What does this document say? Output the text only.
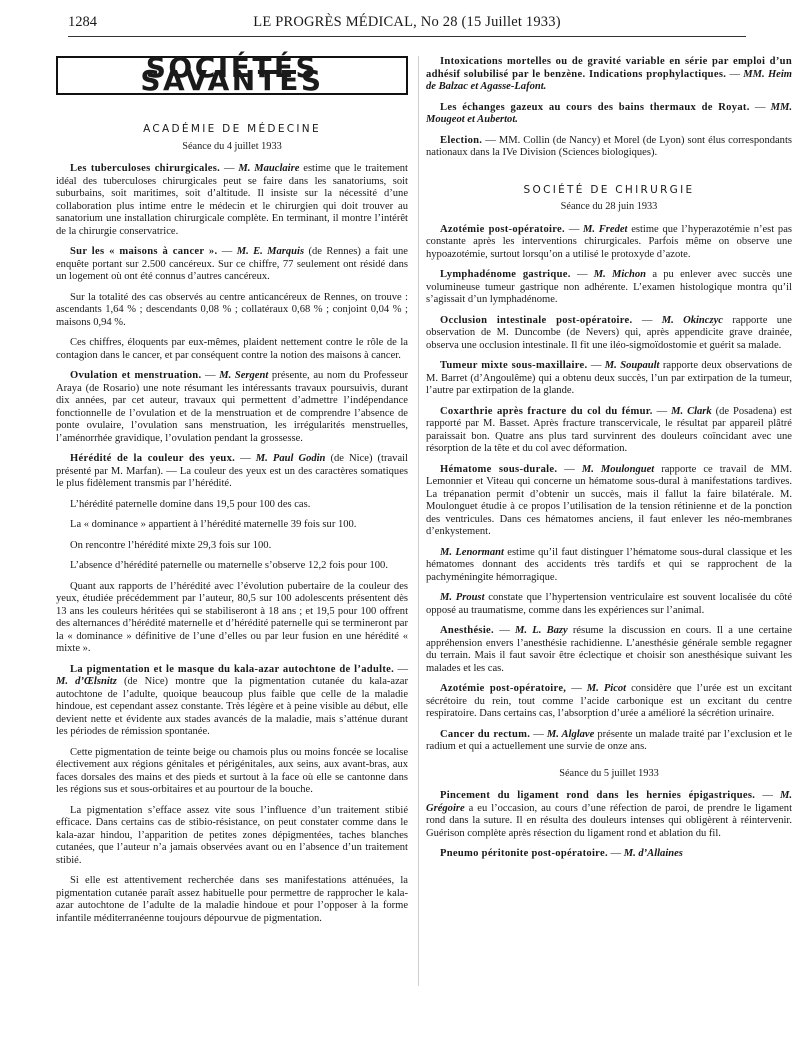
1284	LE PROGRÈS MÉDICAL, No 28 (15 Juillet 1933)
SOCIÉTÉS SAVANTES
ACADÉMIE DE MÉDECINE
Séance du 4 juillet 1933

Les tuberculoses chirurgicales. — M. Mauclaire estime que le traitement idéal des tuberculoses chirurgicales peut se faire dans les sanatoriums, soit suburbains, soit maritimes, soit d’altitude. Il insiste sur la nécessité d’une collaboration plus intime entre le médecin et le chirurgien qui doit trouver au sanatorium une installation chirurgicale complète. En terminant, il montre l’intérêt de la chirurgie conservatrice.

Sur les « maisons à cancer ». — M. E. Marquis (de Rennes) a fait une enquête portant sur 2.500 cancéreux. Sur ce chiffre, 77 seulement ont résidé dans un logement où ont été connus d’autres cancéreux.

Sur la totalité des cas observés au centre anticancéreux de Rennes, on trouve : ascendants 1,64 % ; descendants 0,08 % ; collatéraux 0,68 % ; conjoint 0,04 % ; maisons 0,94 %.

Ces chiffres, éloquents par eux-mêmes, plaident nettement contre le rôle de la contagion dans le cancer, et par conséquent contre la notion des maisons à cancer.

Ovulation et menstruation. — M. Sergent présente, au nom du Professeur Araya (de Rosario) une note résumant les intéressants travaux poursuivis, durant dix années, par cet auteur, travaux qui permettent d’admettre l’indépendance fonctionnelle de l’ovulation et de la menstruation et de comprendre l’absence de ponte ovulaire, l’ovulation sans menstruation, les irrégularités menstruelles, l’aménorrhée gravidique, l’ovulation pendant la grossesse.

Hérédité de la couleur des yeux. — M. Paul Godin (de Nice) (travail présenté par M. Marfan). — La couleur des yeux est un des caractères somatiques le plus fidèlement transmis par l’hérédité.

L’hérédité paternelle domine dans 19,5 pour 100 des cas.

La « dominance » appartient à l’hérédité maternelle 39 fois sur 100.

On rencontre l’hérédité mixte 29,3 fois sur 100.

L’absence d’hérédité paternelle ou maternelle s’observe 12,2 fois pour 100.

Quant aux rapports de l’hérédité avec l’évolution pubertaire de la couleur des yeux, étudiée précédemment par l’auteur, 80,5 sur 100 adolescents présentent dès 13 ans les couleurs héritées qui se stabiliseront à 18 ans ; et 19,5 pour 100 offrent des alternances d’hérédité maternelle et d’hérédité paternelle qui se termineront par la « dominance » définitive de l’une d’elles ou par leur fusion en une hérédité « mixte ».

La pigmentation et le masque du kala-azar autochtone de l’adulte. — M. d’Œlsnitz (de Nice) montre que la pigmentation cutanée du kala-azar autochtone de l’adulte, quoique beaucoup plus faible que celle de la maladie hindoue, est cependant assez constante. Très légère et à peine visible au début, elle devient nette et évidente aux stades avancés de la maladie, mais s’atténue durant les périodes de rémission spontanée.

Cette pigmentation de teinte beige ou chamois plus ou moins foncée se localise électivement aux régions génitales et périgénitales, aux seins, aux avant-bras, aux faces dorsales des mains et des pieds et surtout à la face où elle se cantonne dans les régions sus et sous-orbitaires et au pourtour de la bouche.

La pigmentation s’efface assez vite sous l’influence d’un traitement stibié efficace. Dans certains cas de stibio-résistance, on peut constater comme dans le kala-azar hindou, l’apparition de petites zones dépigmentées, taches blanches cutanées, que l’auteur n’a jamais observées avant ou en l’absence d’un traitement stibié.

Si elle est attentivement recherchée dans ses manifestations atténuées, la pigmentation cutanée paraît assez habituelle pour permettre de rapprocher le kala-azar autochtone de l’adulte de la maladie hindoue et pour l’opposer à la forme infantile méditerranéenne toujours dépourvue de pigmentation.

Intoxications mortelles ou de gravité variable en série par emploi d’un adhésif solubilisé par le benzène. Indications prophylactiques. — MM. Heim de Balzac et Agasse-Lafont.

Les échanges gazeux au cours des bains thermaux de Royat. — MM. Mougeot et Aubertot.

Election. — MM. Collin (de Nancy) et Morel (de Lyon) sont élus correspondants nationaux dans la IVe Division (Sciences biologiques).

SOCIÉTÉ DE CHIRURGIE
Séance du 28 juin 1933

Azotémie post-opératoire. — M. Fredet estime que l’hyperazotémie n’est pas constante après les interventions chirurgicales. Parfois même on observe une hypoazotémie, surtout lorsqu’on a utilisé le protoxyde d’azote.

Lymphadénome gastrique. — M. Michon a pu enlever avec succès une volumineuse tumeur gastrique non adhérente. L’examen histologique montra qu’il s’agissait d’un lymphadénome.

Occlusion intestinale post-opératoire. — M. Okinczyc rapporte une observation de M. Duncombe (de Nevers) qui, après appendicite grave drainée, observa une occlusion intestinale. Il fit une iléo-sigmoïdostomie et guérit sa malade.

Tumeur mixte sous-maxillaire. — M. Soupault rapporte deux observations de M. Barret (d’Angoulême) qui a obtenu deux succès, l’un par extirpation de la tumeur, l’autre par extirpation de la glande.

Coxarthrie après fracture du col du fémur. — M. Clark (de Posadena) est rapporté par M. Basset. Après fracture transcervicale, le résultat par appareil plâtré paraissait bon. Quatre ans plus tard survinrent des douleurs coïncidant avec une résorption de la tête et du col avec déformation.

Hématome sous-durale. — M. Moulonguet rapporte ce travail de MM. Lemonnier et Viteau qui concerne un hématome sous-dural à manifestations tardives. La trépanation permit d’obtenir un succès, mais il fallut la faire bilatérale. M. Moulonguet étudie à ce propos l’utilisation de la tension rétinienne et de la ponction des ventricules. Dans ces hématomes anciens, il faut enlever les néo-membranes d’enkystement.

M. Lenormant estime qu’il faut distinguer l’hématome sous-dural classique et les hématomes donnant des accidents très tardifs et qui se rapprochent de la pachyméningite hémorragique.

M. Proust constate que l’hypertension ventriculaire est souvent localisée du côté opposé au traumatisme, comme dans les expériences sur l’animal.

Anesthésie. — M. L. Bazy résume la discussion en cours. Il a une certaine appréhension envers l’anesthésie rachidienne. L’anesthésie générale semble regagner du terrain. Mais il faut savoir être éclectique et choisir son anesthésique suivant les malades et les cas.

Azotémie post-opératoire, — M. Picot considère que l’urée est un excitant sécrétoire du rein, tout comme l’acide carbonique est un excitant du centre respiratoire. Dans certains cas, l’absorption d’urée a amélioré la sécrétion urinaire.

Cancer du rectum. — M. Alglave présente un malade traité par l’exclusion et le radium et qui a actuellement une survie de onze ans.

Séance du 5 juillet 1933

Pincement du ligament rond dans les hernies épigastriques. — M. Grégoire a eu l’occasion, au cours d’une réfection de paroi, de prendre le ligament rond dans la suture. Il en résulta des douleurs intenses qui obligèrent à réintervenir. Guérison complète après résection du ligament rond et ablation du fil.

Pneumo péritonite post-opératoire. — M. d’Allaines
